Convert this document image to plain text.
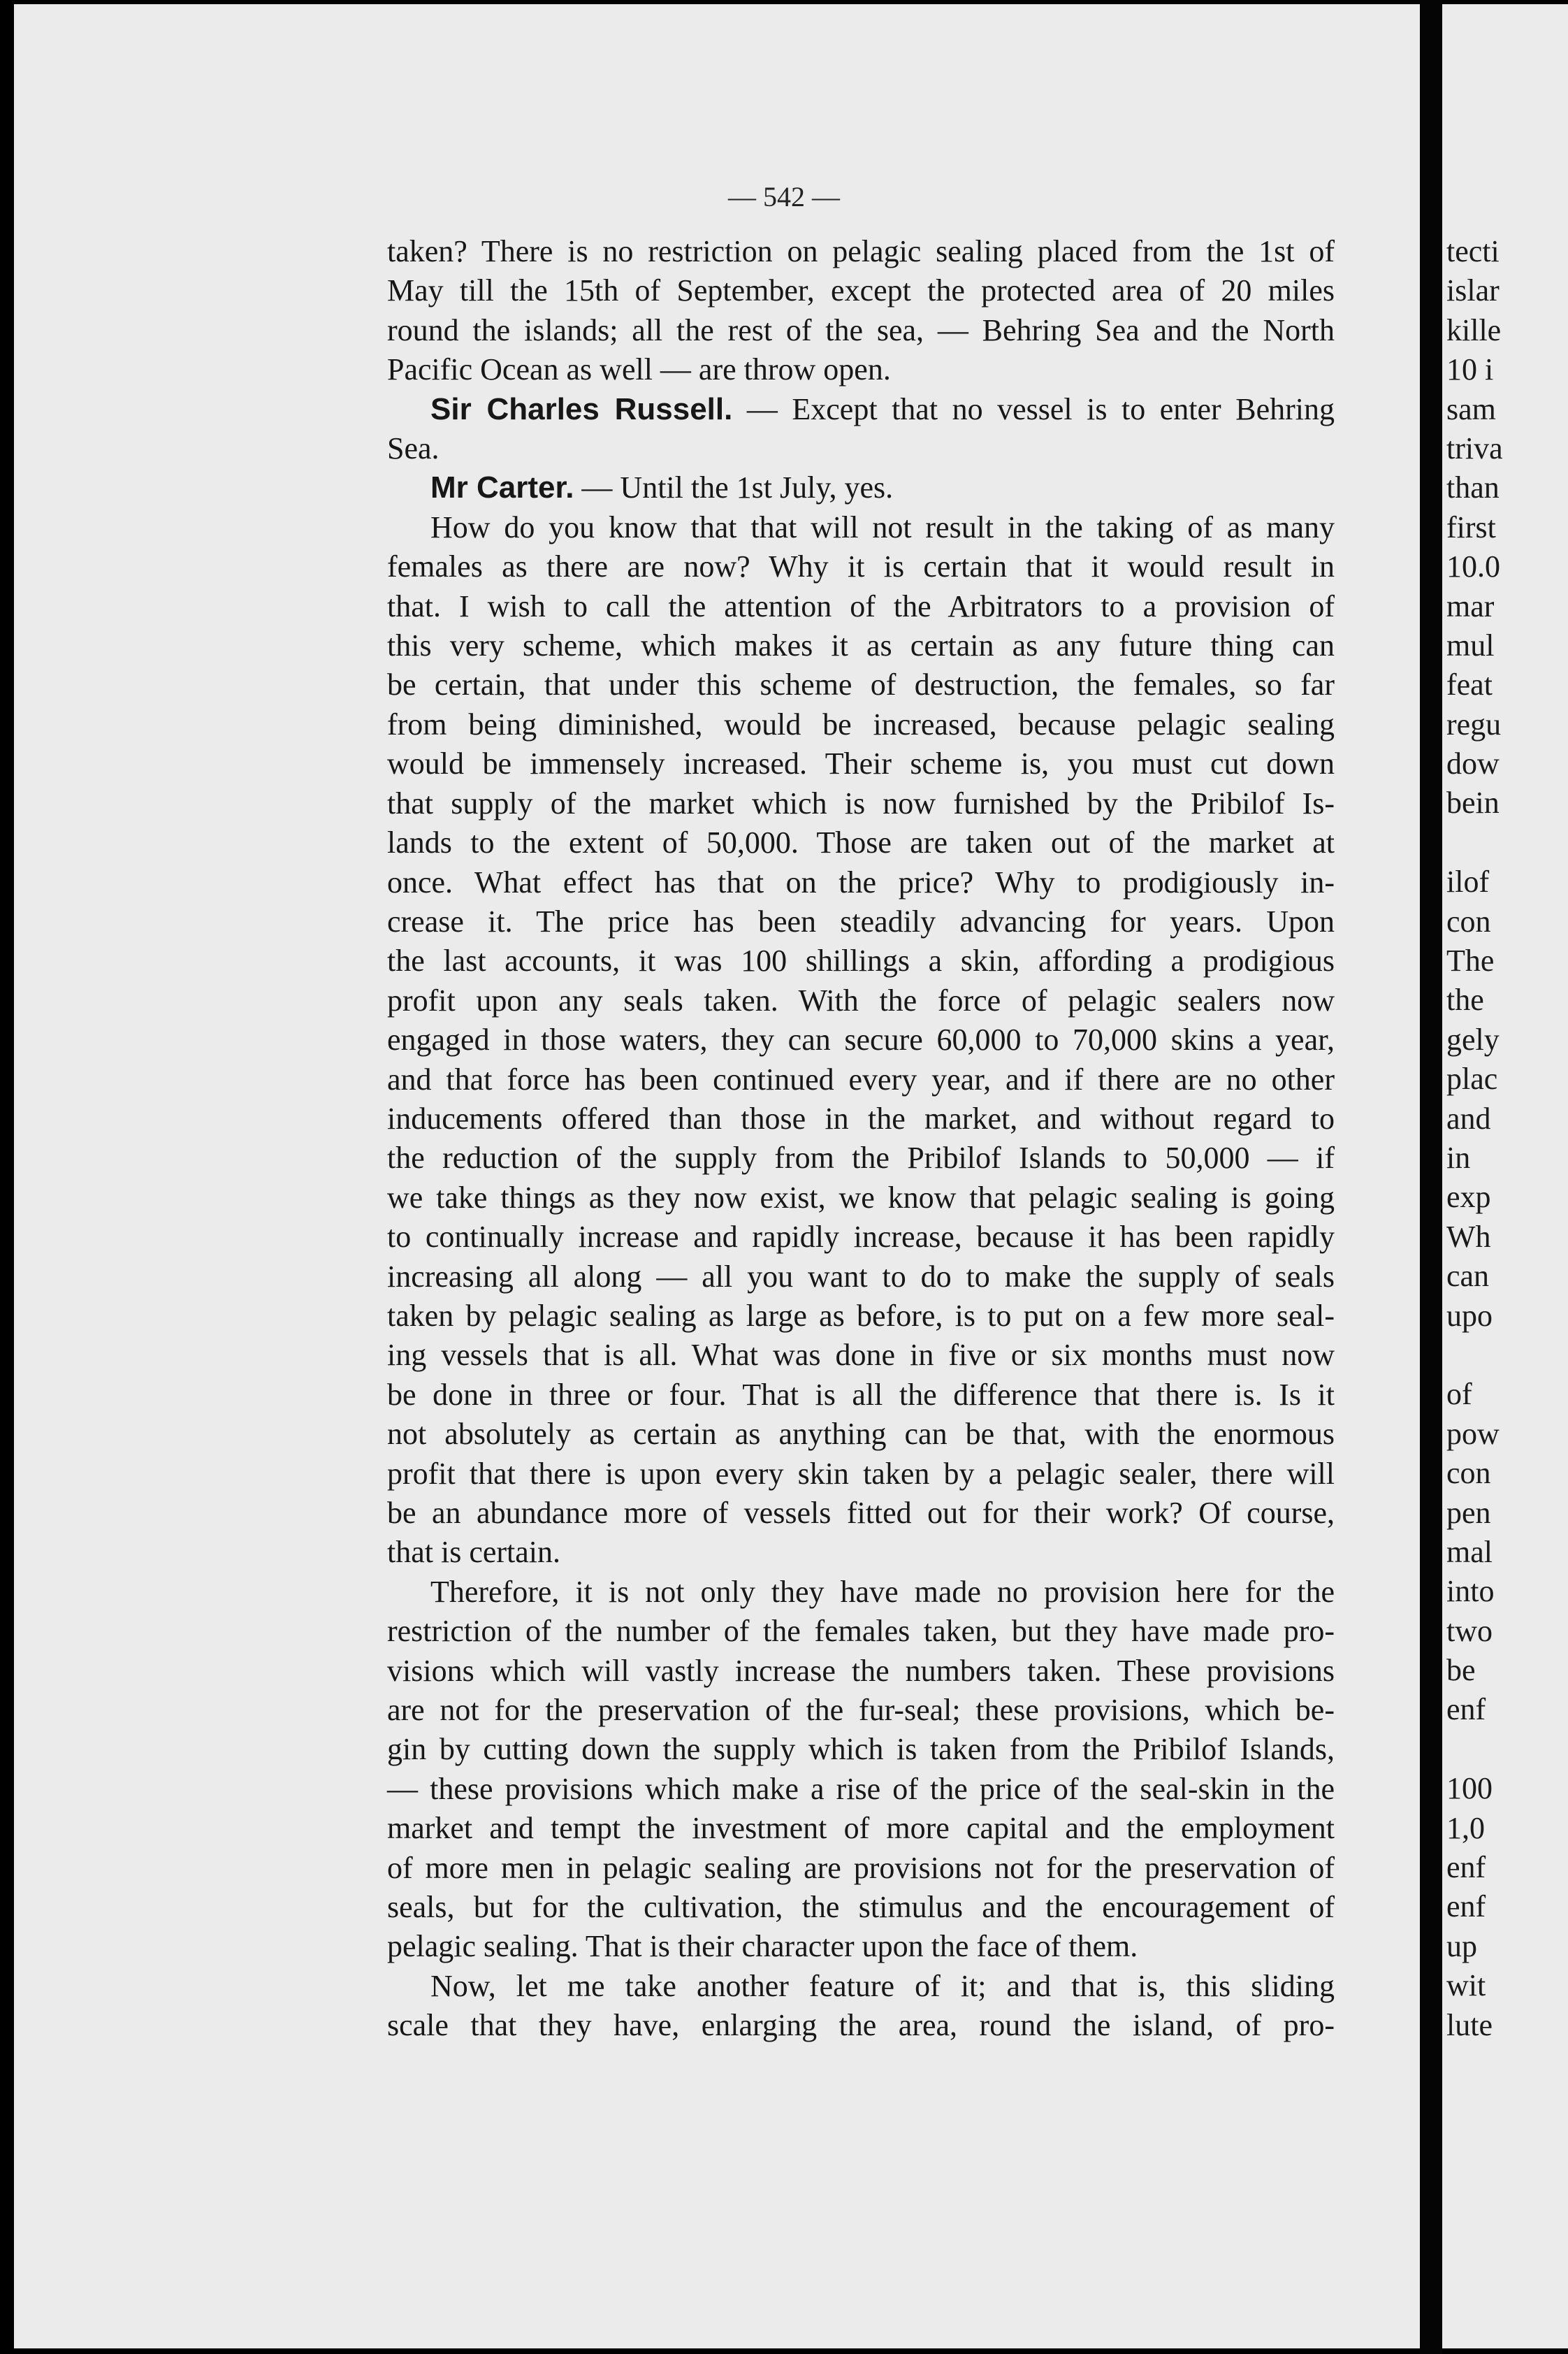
— 542 —
taken? There is no restriction on pelagic sealing placed from the 1st of
May till the 15th of September, except the protected area of 20 miles
round the islands; all the rest of the sea, — Behring Sea and the North
Pacific Ocean as well — are throw open.
Sir Charles Russell. — Except that no vessel is to enter Behring
Sea.
Mr Carter. — Until the 1st July, yes.
How do you know that that will not result in the taking of as many
females as there are now? Why it is certain that it would result in
that. I wish to call the attention of the Arbitrators to a provision of
this very scheme, which makes it as certain as any future thing can
be certain, that under this scheme of destruction, the females, so far
from being diminished, would be increased, because pelagic sealing
would be immensely increased. Their scheme is, you must cut down
that supply of the market which is now furnished by the Pribilof Is-
lands to the extent of 50,000. Those are taken out of the market at
once. What effect has that on the price? Why to prodigiously in-
crease it. The price has been steadily advancing for years. Upon
the last accounts, it was 100 shillings a skin, affording a prodigious
profit upon any seals taken. With the force of pelagic sealers now
engaged in those waters, they can secure 60,000 to 70,000 skins a year,
and that force has been continued every year, and if there are no other
inducements offered than those in the market, and without regard to
the reduction of the supply from the Pribilof Islands to 50,000 — if
we take things as they now exist, we know that pelagic sealing is going
to continually increase and rapidly increase, because it has been rapidly
increasing all along — all you want to do to make the supply of seals
taken by pelagic sealing as large as before, is to put on a few more seal-
ing vessels that is all. What was done in five or six months must now
be done in three or four. That is all the difference that there is. Is it
not absolutely as certain as anything can be that, with the enormous
profit that there is upon every skin taken by a pelagic sealer, there will
be an abundance more of vessels fitted out for their work? Of course,
that is certain.
Therefore, it is not only they have made no provision here for the
restriction of the number of the females taken, but they have made pro-
visions which will vastly increase the numbers taken. These provisions
are not for the preservation of the fur-seal; these provisions, which be-
gin by cutting down the supply which is taken from the Pribilof Islands,
— these provisions which make a rise of the price of the seal-skin in the
market and tempt the investment of more capital and the employment
of more men in pelagic sealing are provisions not for the preservation of
seals, but for the cultivation, the stimulus and the encouragement of
pelagic sealing. That is their character upon the face of them.
Now, let me take another feature of it; and that is, this sliding
scale that they have, enlarging the area, round the island, of pro-
tecti
islar
kille
10 i
sam
triva
than
first
10.0
mar
mul
feat
regu
dow
bein
ilof
con
The
the
gely
plac
and
in
exp
Wh
can
upo
of
pow
con
pen
mal
into
two
be
enf
100
1,0
enf
enf
up
wit
lute
